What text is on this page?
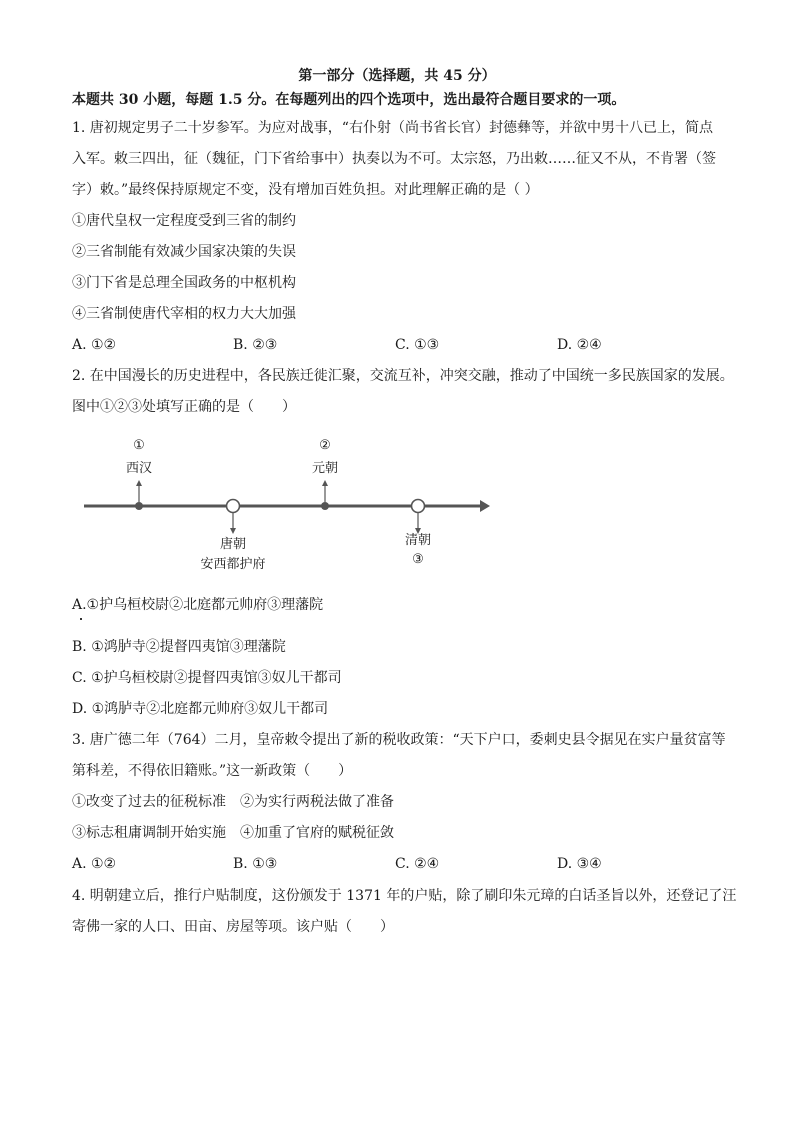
第一部分（选择题，共 45 分）
本题共 30 小题，每题 1.5 分。在每题列出的四个选项中，选出最符合题目要求的一项。
1. 唐初规定男子二十岁参军。为应对战事，“右仆射（尚书省长官）封德彝等，并欲中男十八已上，简点
入军。敕三四出，征（魏征，门下省给事中）执奏以为不可。太宗怒，乃出敕……征又不从，不肯署（签
字）敕。”最终保持原规定不变，没有增加百姓负担。对此理解正确的是（ ）
①唐代皇权一定程度受到三省的制约
②三省制能有效减少国家决策的失误
③门下省是总理全国政务的中枢机构
④三省制使唐代宰相的权力大大加强
A. ①②	B. ②③	C. ①③	D. ②④
2. 在中国漫长的历史进程中，各民族迁徙汇聚，交流互补，冲突交融，推动了中国统一多民族国家的发展。
图中①②③处填写正确的是（　　）
①
西汉
②
元朝
唐朝
安西都护府
清朝
③
A.①护乌桓校尉②北庭都元帅府③理藩院
B. ①鸿胪寺②提督四夷馆③理藩院
C. ①护乌桓校尉②提督四夷馆③奴儿干都司
D. ①鸿胪寺②北庭都元帅府③奴儿干都司
3. 唐广德二年（764）二月，皇帝敕令提出了新的税收政策：“天下户口，委刺史县令据见在实户量贫富等
第科差，不得依旧籍账。”这一新政策（　　）
①改变了过去的征税标准　②为实行两税法做了准备
③标志租庸调制开始实施　④加重了官府的赋税征敛
A. ①②	B. ①③	C. ②④	D. ③④
4. 明朝建立后，推行户贴制度，这份颁发于 1371 年的户贴，除了刷印朱元璋的白话圣旨以外，还登记了汪
寄佛一家的人口、田亩、房屋等项。该户贴（　　）
